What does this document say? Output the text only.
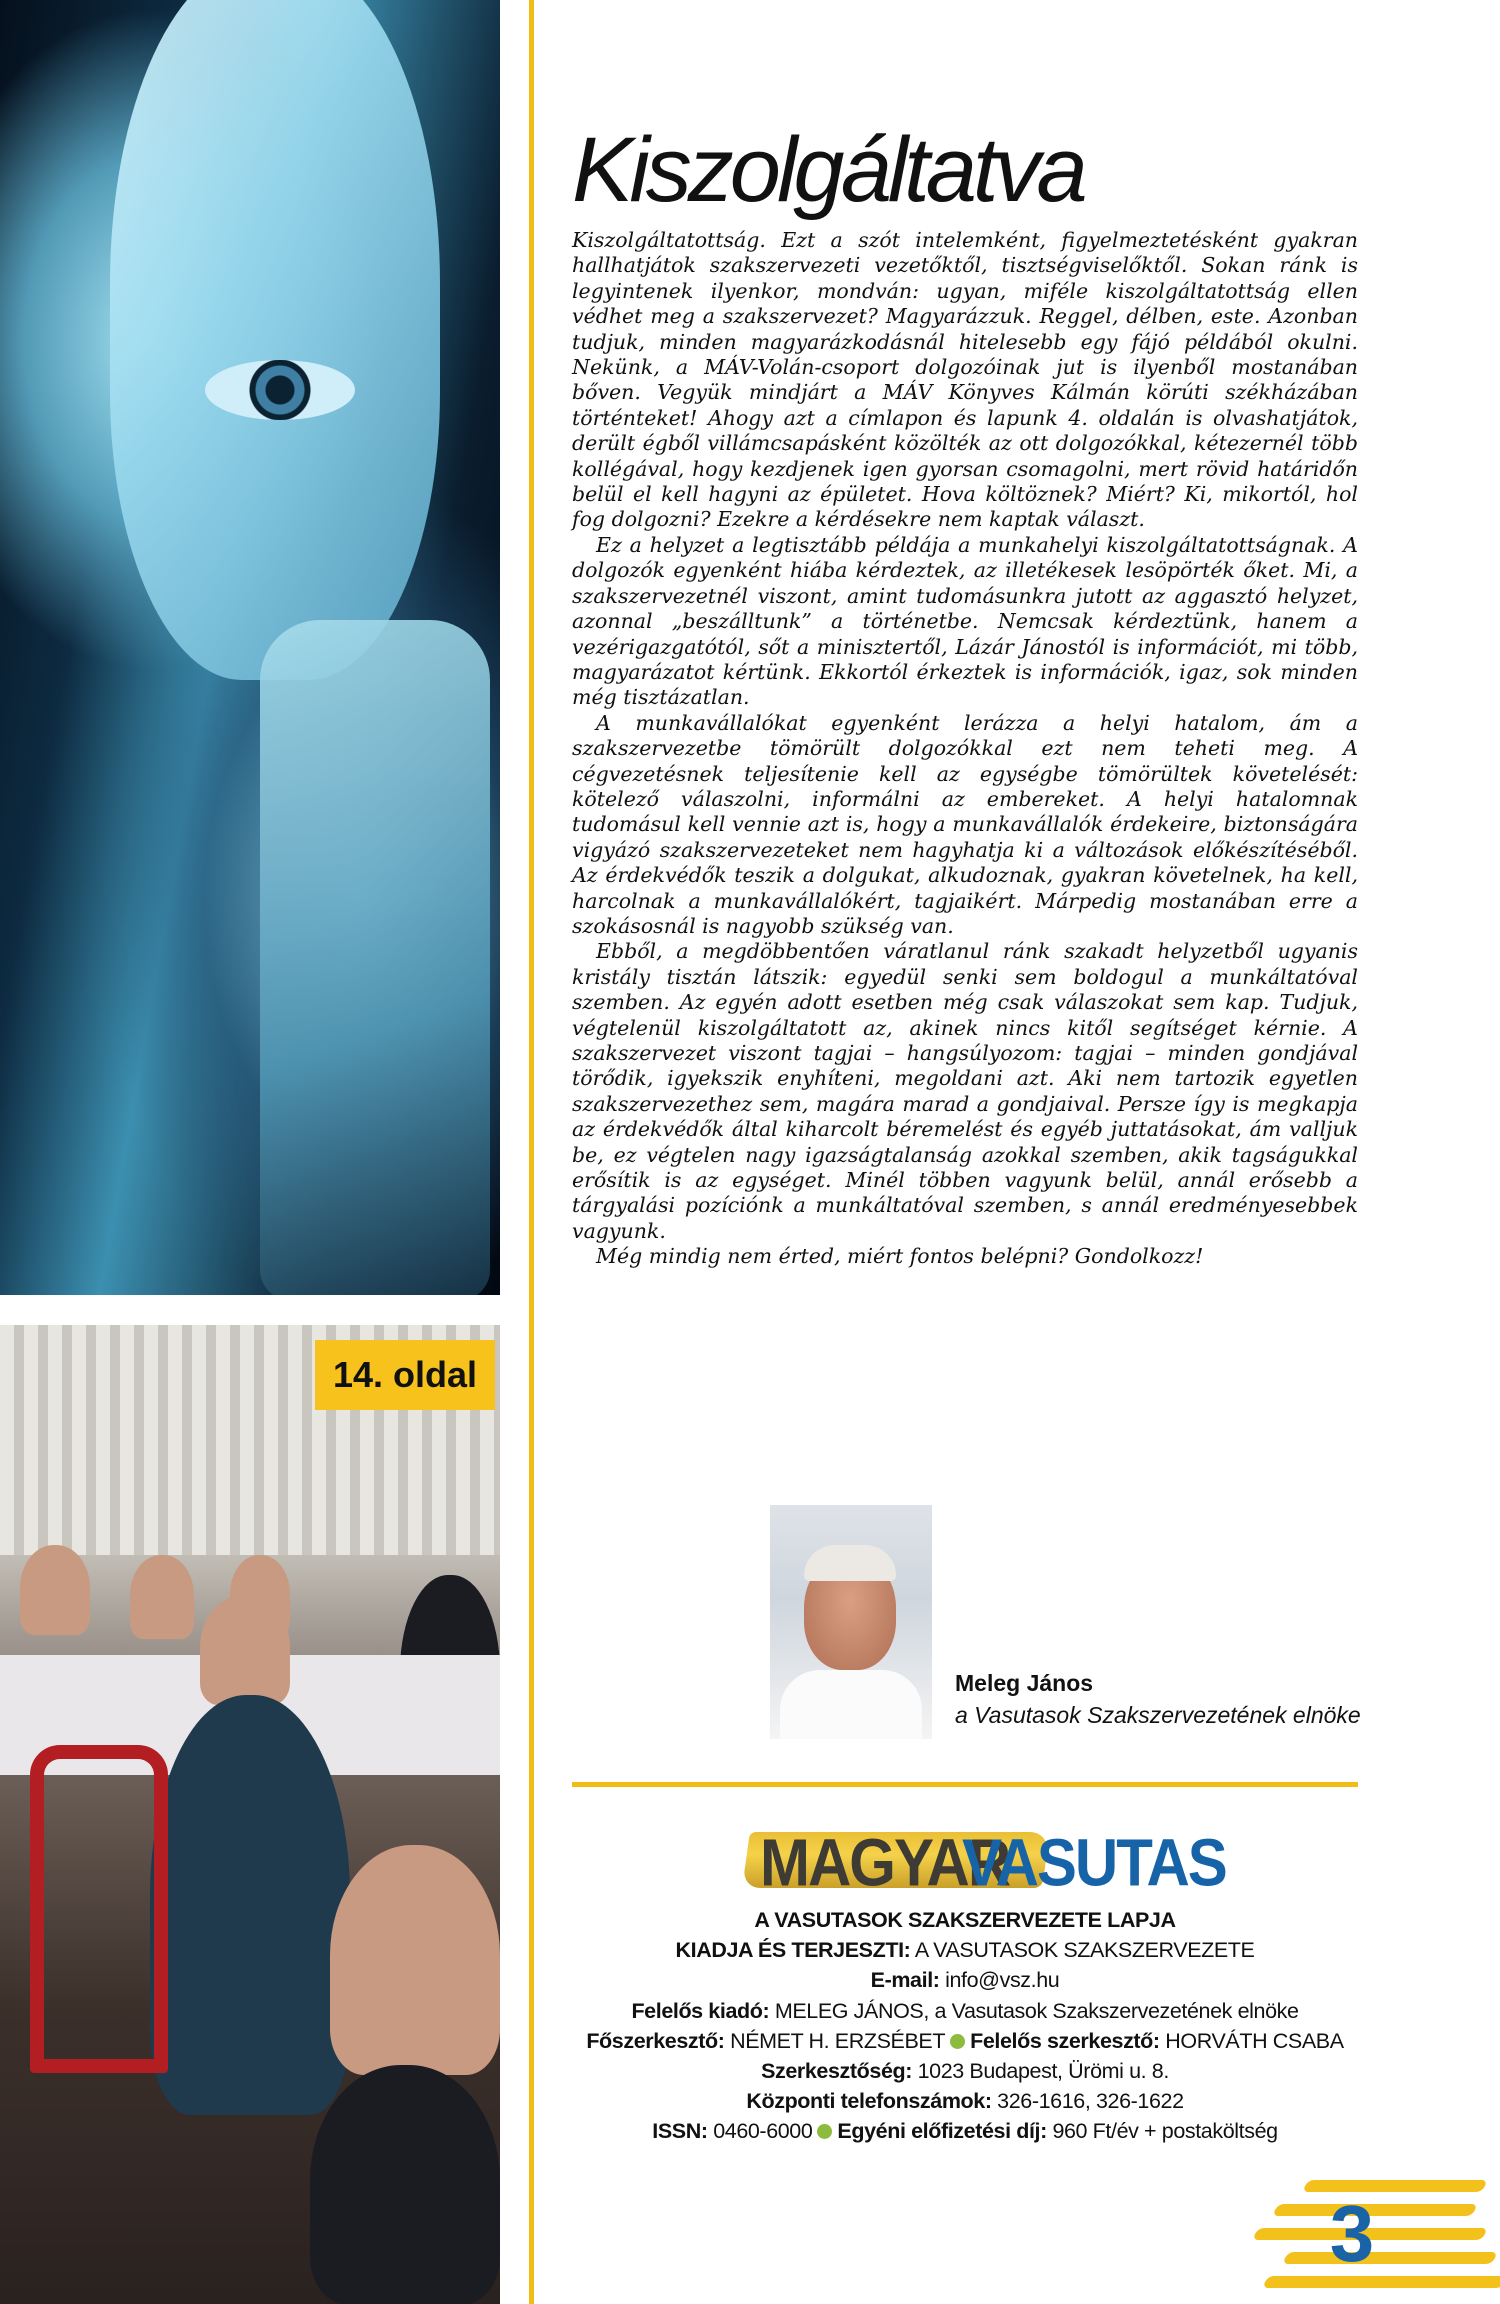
14. oldal
Kiszolgáltatva

Kiszolgáltatottság. Ezt a szót intelemként, figyelmeztetésként gyakran hallhatjátok szakszervezeti vezetőktől, tisztségviselőktől. Sokan ránk is legyintenek ilyenkor, mondván: ugyan, miféle kiszolgáltatottság ellen védhet meg a szakszervezet? Magyarázzuk. Reggel, délben, este. Azonban tudjuk, minden magyarázkodásnál hitelesebb egy fájó példából okulni. Nekünk, a MÁV-Volán-csoport dolgozóinak jut is ilyenből mostanában bőven. Vegyük mindjárt a MÁV Könyves Kálmán körúti székházában történteket! Ahogy azt a címlapon és lapunk 4. oldalán is olvashatjátok, derült égből villámcsapásként közölték az ott dolgozókkal, kétezernél több kollégával, hogy kezdjenek igen gyorsan csomagolni, mert rövid határidőn belül el kell hagyni az épületet. Hova költöznek? Miért? Ki, mikortól, hol fog dolgozni? Ezekre a kérdésekre nem kaptak választ.

Ez a helyzet a legtisztább példája a munkahelyi kiszolgáltatottságnak. A dolgozók egyenként hiába kérdeztek, az illetékesek lesöpörték őket. Mi, a szakszervezetnél viszont, amint tudomásunkra jutott az aggasztó helyzet, azonnal „beszálltunk” a történetbe. Nemcsak kérdeztünk, hanem a vezérigazgatótól, sőt a minisztertől, Lázár Jánostól is információt, mi több, magyarázatot kértünk. Ekkortól érkeztek is információk, igaz, sok minden még tisztázatlan.

A munkavállalókat egyenként lerázza a helyi hatalom, ám a szakszervezetbe tömörült dolgozókkal ezt nem teheti meg. A cégvezetésnek teljesítenie kell az egységbe tömörültek követelését: kötelező válaszolni, informálni az embereket. A helyi hatalomnak tudomásul kell vennie azt is, hogy a munkavállalók érdekeire, biztonságára vigyázó szakszervezeteket nem hagyhatja ki a változások előkészítéséből. Az érdekvédők teszik a dolgukat, alkudoznak, gyakran követelnek, ha kell, harcolnak a munkavállalókért, tagjaikért. Márpedig mostanában erre a szokásosnál is nagyobb szükség van.

Ebből, a megdöbbentően váratlanul ránk szakadt helyzetből ugyanis kristály tisztán látszik: egyedül senki sem boldogul a munkáltatóval szemben. Az egyén adott esetben még csak válaszokat sem kap. Tudjuk, végtelenül kiszolgáltatott az, akinek nincs kitől segítséget kérnie. A szakszervezet viszont tagjai – hangsúlyozom: tagjai – minden gondjával törődik, igyekszik enyhíteni, megoldani azt. Aki nem tartozik egyetlen szakszervezethez sem, magára marad a gondjaival. Persze így is megkapja az érdekvédők által kiharcolt béremelést és egyéb juttatásokat, ám valljuk be, ez végtelen nagy igazságtalanság azokkal szemben, akik tagságukkal erősítik is az egységet. Minél többen vagyunk belül, annál erősebb a tárgyalási pozíciónk a munkáltatóval szemben, s annál eredményesebbek vagyunk.

Még mindig nem érted, miért fontos belépni? Gondolkozz!

Meleg János
a Vasutasok Szakszervezetének elnöke
MAGYAR
VASUTAS
A VASUTASOK SZAKSZERVEZETE LAPJA
KIADJA ÉS TERJESZTI: A VASUTASOK SZAKSZERVEZETE
E-mail: info@vsz.hu
Felelős kiadó: MELEG JÁNOS, a Vasutasok Szakszervezetének elnöke
Főszerkesztő: NÉMET H. ERZSÉBET Felelős szerkesztő: HORVÁTH CSABA
Szerkesztőség: 1023 Budapest, Ürömi u. 8.
Központi telefonszámok: 326-1616, 326-1622
ISSN: 0460-6000 Egyéni előfizetési díj: 960 Ft/év + postaköltség
3
